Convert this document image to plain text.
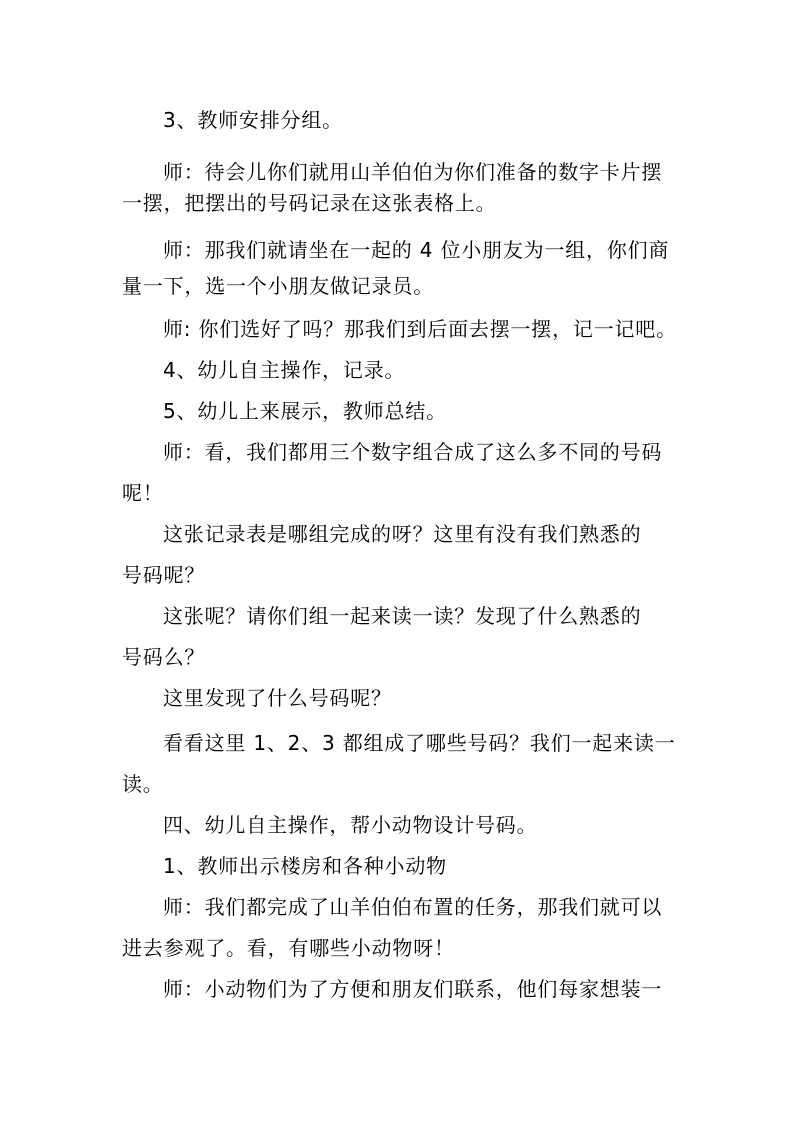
3、教师安排分组。
师：待会儿你们就用山羊伯伯为你们准备的数字卡片摆
一摆，把摆出的号码记录在这张表格上。
师：那我们就请坐在一起的 4 位小朋友为一组，你们商
量一下，选一个小朋友做记录员。
师: 你们选好了吗？那我们到后面去摆一摆，记一记吧。
4、幼儿自主操作，记录。
5、幼儿上来展示，教师总结。
师：看，我们都用三个数字组合成了这么多不同的号码
呢！
这张记录表是哪组完成的呀？这里有没有我们熟悉的
号码呢？
这张呢？请你们组一起来读一读？发现了什么熟悉的
号码么？
这里发现了什么号码呢？
看看这里 1、2、3 都组成了哪些号码？我们一起来读一
读。
四、幼儿自主操作，帮小动物设计号码。
1、教师出示楼房和各种小动物
师：我们都完成了山羊伯伯布置的任务，那我们就可以
进去参观了。看，有哪些小动物呀！
师：小动物们为了方便和朋友们联系，他们每家想装一
